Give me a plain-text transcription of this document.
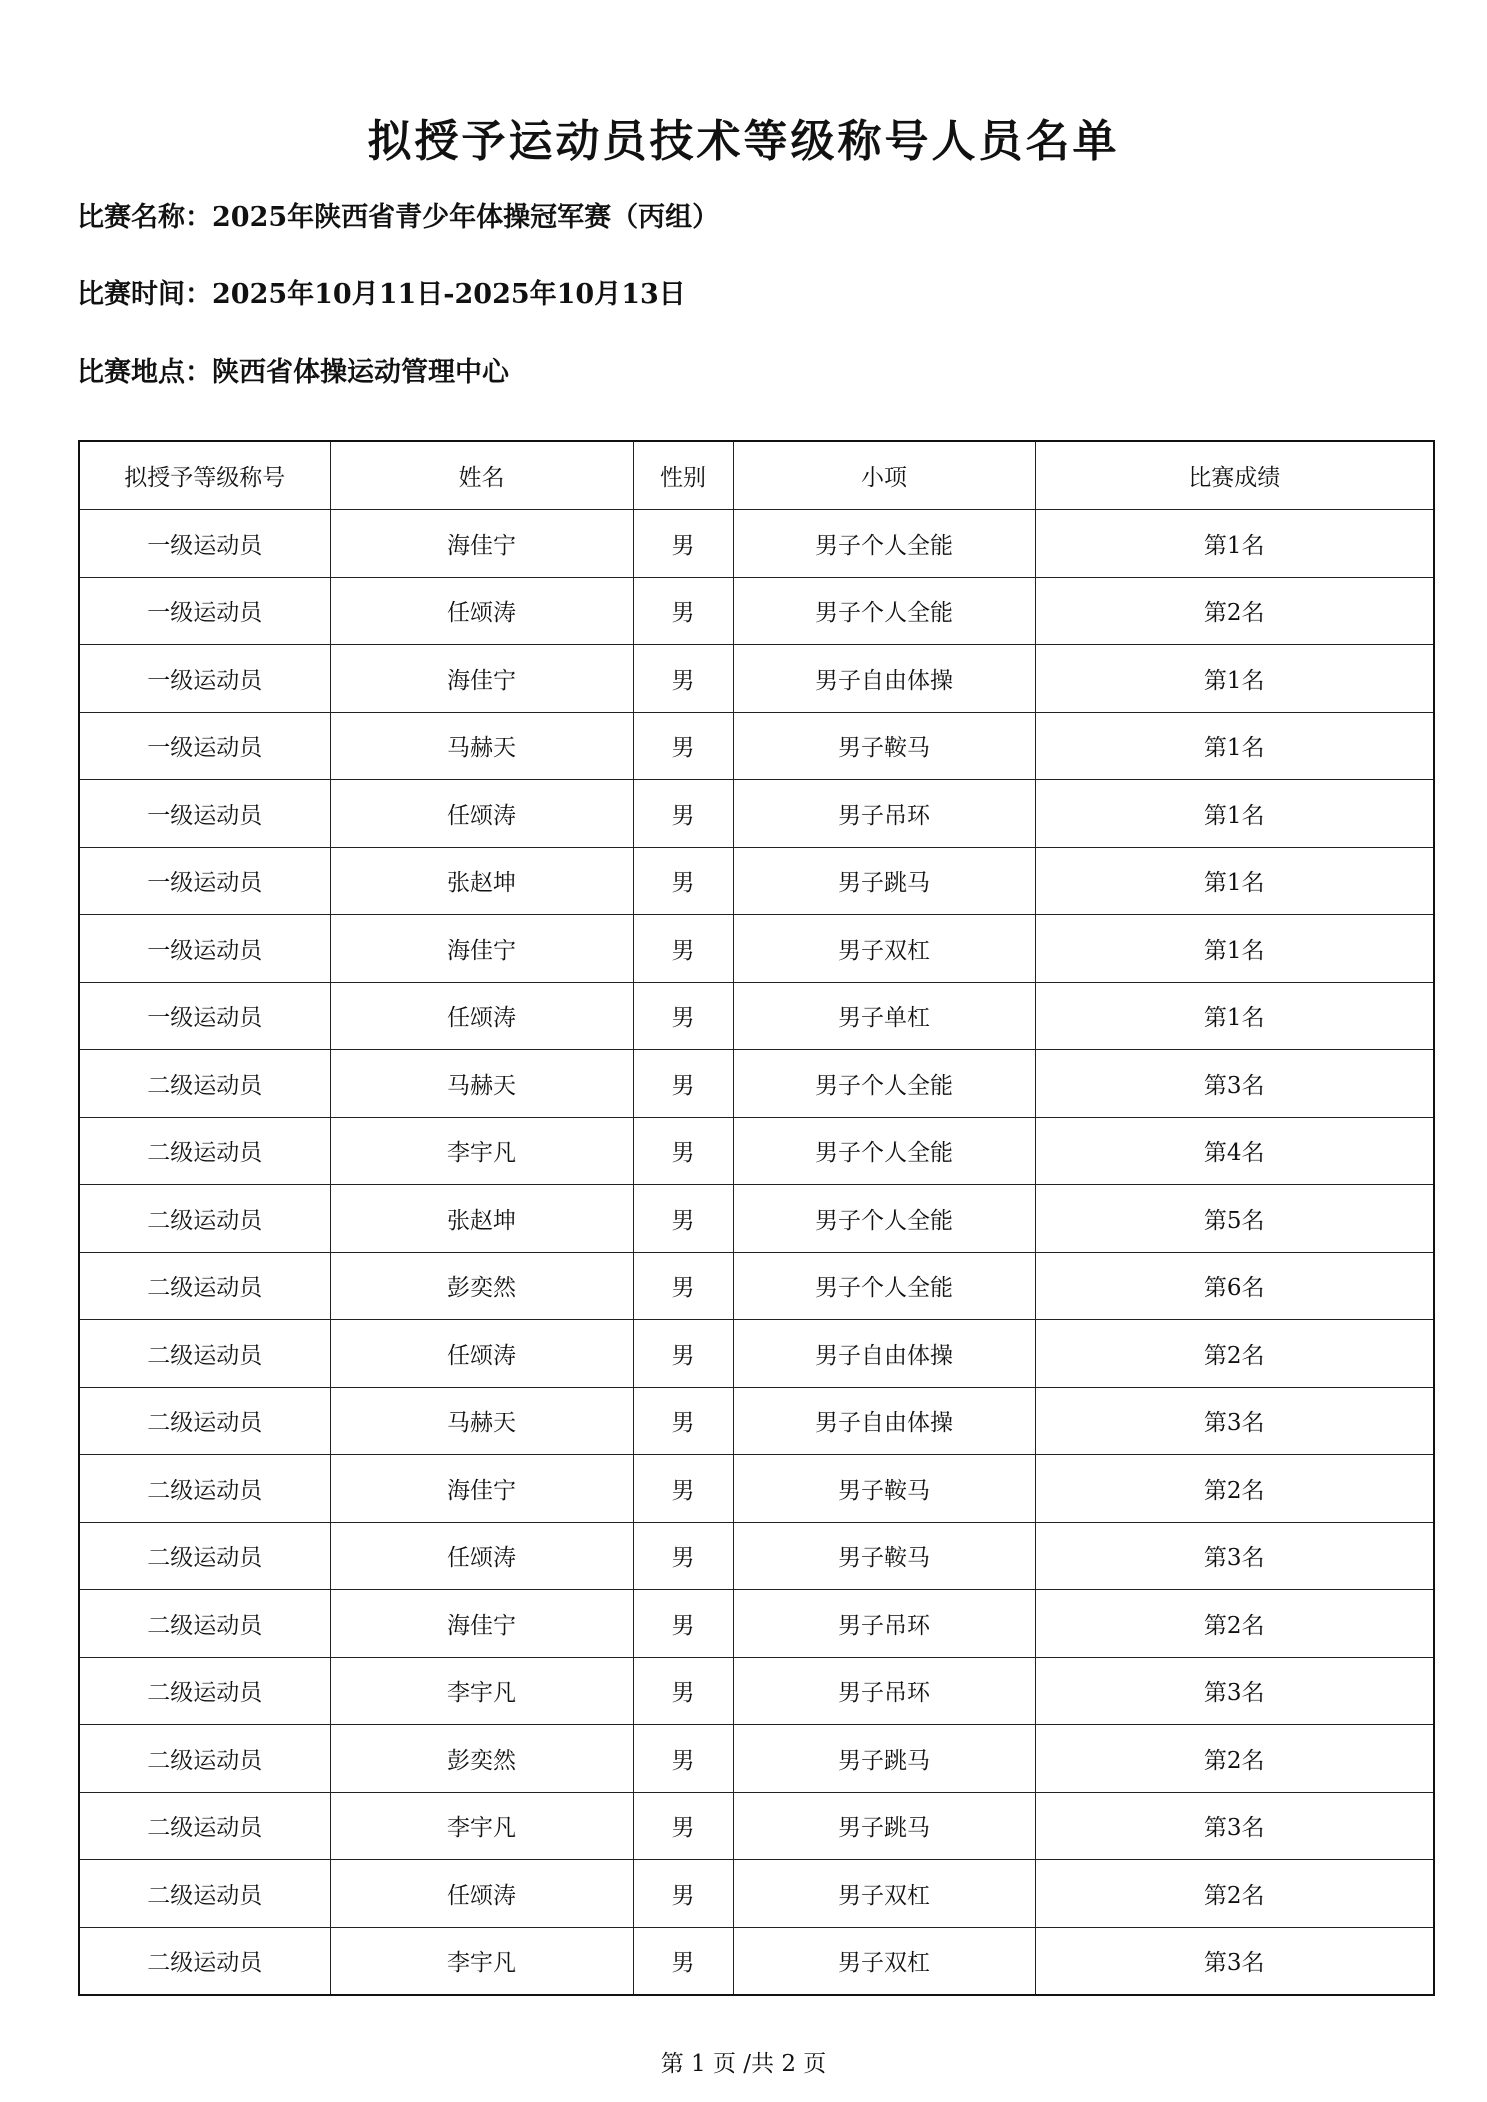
拟授予运动员技术等级称号人员名单
比赛名称：2025年陕西省青少年体操冠军赛（丙组）
比赛时间：2025年10月11日-2025年10月13日
比赛地点：陕西省体操运动管理中心
拟授予等级称号	姓名	性别	小项	比赛成绩
一级运动员	海佳宁	男	男子个人全能	第1名
一级运动员	任颂涛	男	男子个人全能	第2名
一级运动员	海佳宁	男	男子自由体操	第1名
一级运动员	马赫天	男	男子鞍马	第1名
一级运动员	任颂涛	男	男子吊环	第1名
一级运动员	张赵坤	男	男子跳马	第1名
一级运动员	海佳宁	男	男子双杠	第1名
一级运动员	任颂涛	男	男子单杠	第1名
二级运动员	马赫天	男	男子个人全能	第3名
二级运动员	李宇凡	男	男子个人全能	第4名
二级运动员	张赵坤	男	男子个人全能	第5名
二级运动员	彭奕然	男	男子个人全能	第6名
二级运动员	任颂涛	男	男子自由体操	第2名
二级运动员	马赫天	男	男子自由体操	第3名
二级运动员	海佳宁	男	男子鞍马	第2名
二级运动员	任颂涛	男	男子鞍马	第3名
二级运动员	海佳宁	男	男子吊环	第2名
二级运动员	李宇凡	男	男子吊环	第3名
二级运动员	彭奕然	男	男子跳马	第2名
二级运动员	李宇凡	男	男子跳马	第3名
二级运动员	任颂涛	男	男子双杠	第2名
二级运动员	李宇凡	男	男子双杠	第3名
第 1 页 /共 2 页
